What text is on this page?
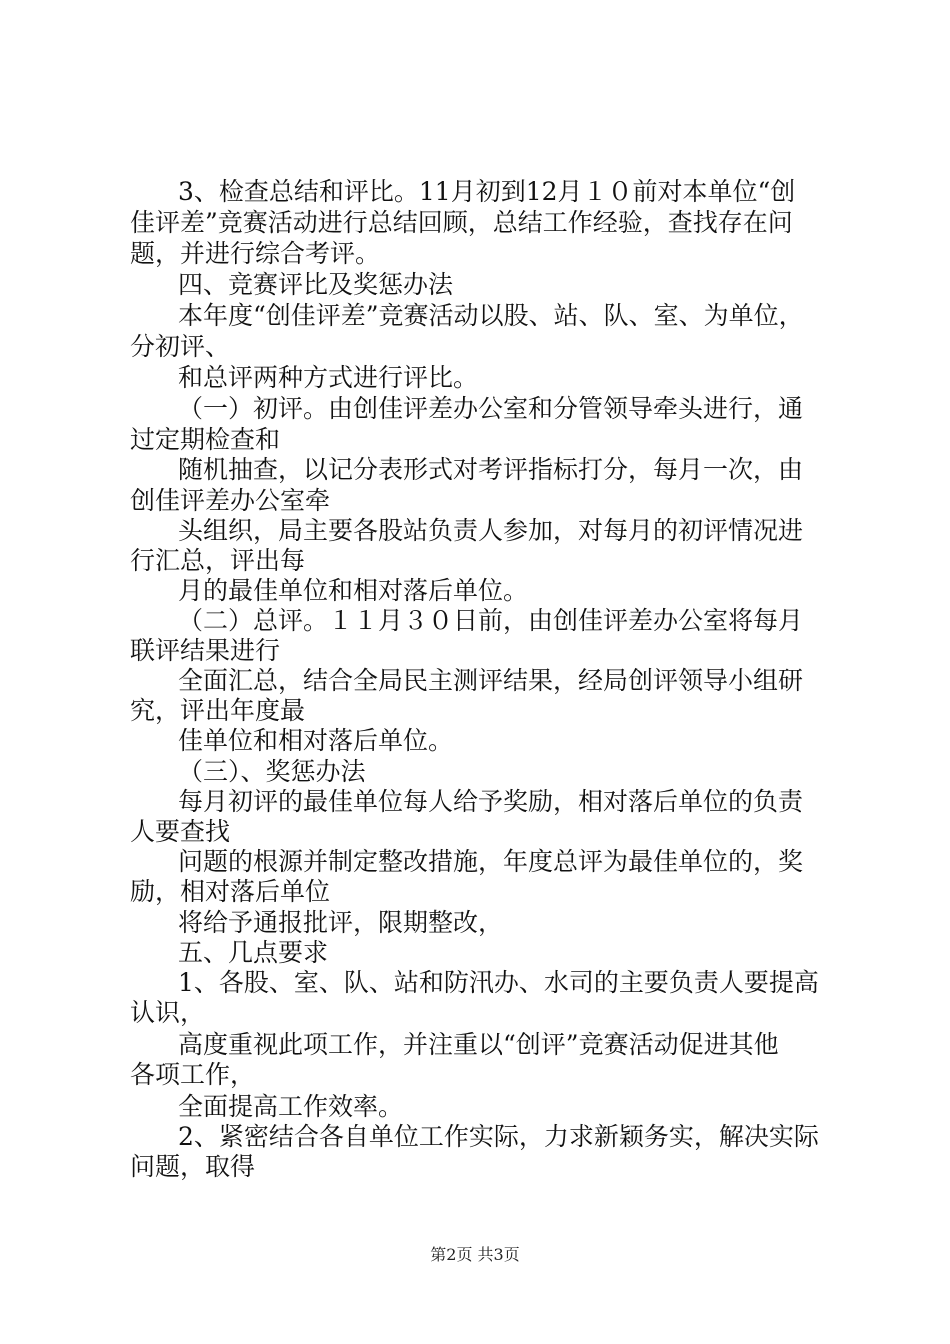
3、检查总结和评比。11月初到12月１０前对本单位“创
佳评差”竞赛活动进行总结回顾，总结工作经验，查找存在问
题，并进行综合考评。
四、竞赛评比及奖惩办法
本年度“创佳评差”竞赛活动以股、站、队、室、为单位，
分初评、
和总评两种方式进行评比。
（一）初评。由创佳评差办公室和分管领导牵头进行，通
过定期检查和
随机抽查，以记分表形式对考评指标打分，每月一次，由
创佳评差办公室牵
头组织，局主要各股站负责人参加，对每月的初评情况进
行汇总，评出每
月的最佳单位和相对落后单位。
（二）总评。１１月３０日前，由创佳评差办公室将每月
联评结果进行
全面汇总，结合全局民主测评结果，经局创评领导小组研
究，评出年度最
佳单位和相对落后单位。
（三）、奖惩办法
每月初评的最佳单位每人给予奖励，相对落后单位的负责
人要查找
问题的根源并制定整改措施，年度总评为最佳单位的，奖
励，相对落后单位
将给予通报批评，限期整改，
五、几点要求
1、各股、室、队、站和防汛办、水司的主要负责人要提高
认识，
高度重视此项工作，并注重以“创评”竞赛活动促进其他
各项工作，
全面提高工作效率。
2、紧密结合各自单位工作实际，力求新颖务实，解决实际
问题，取得
第2页 共3页
